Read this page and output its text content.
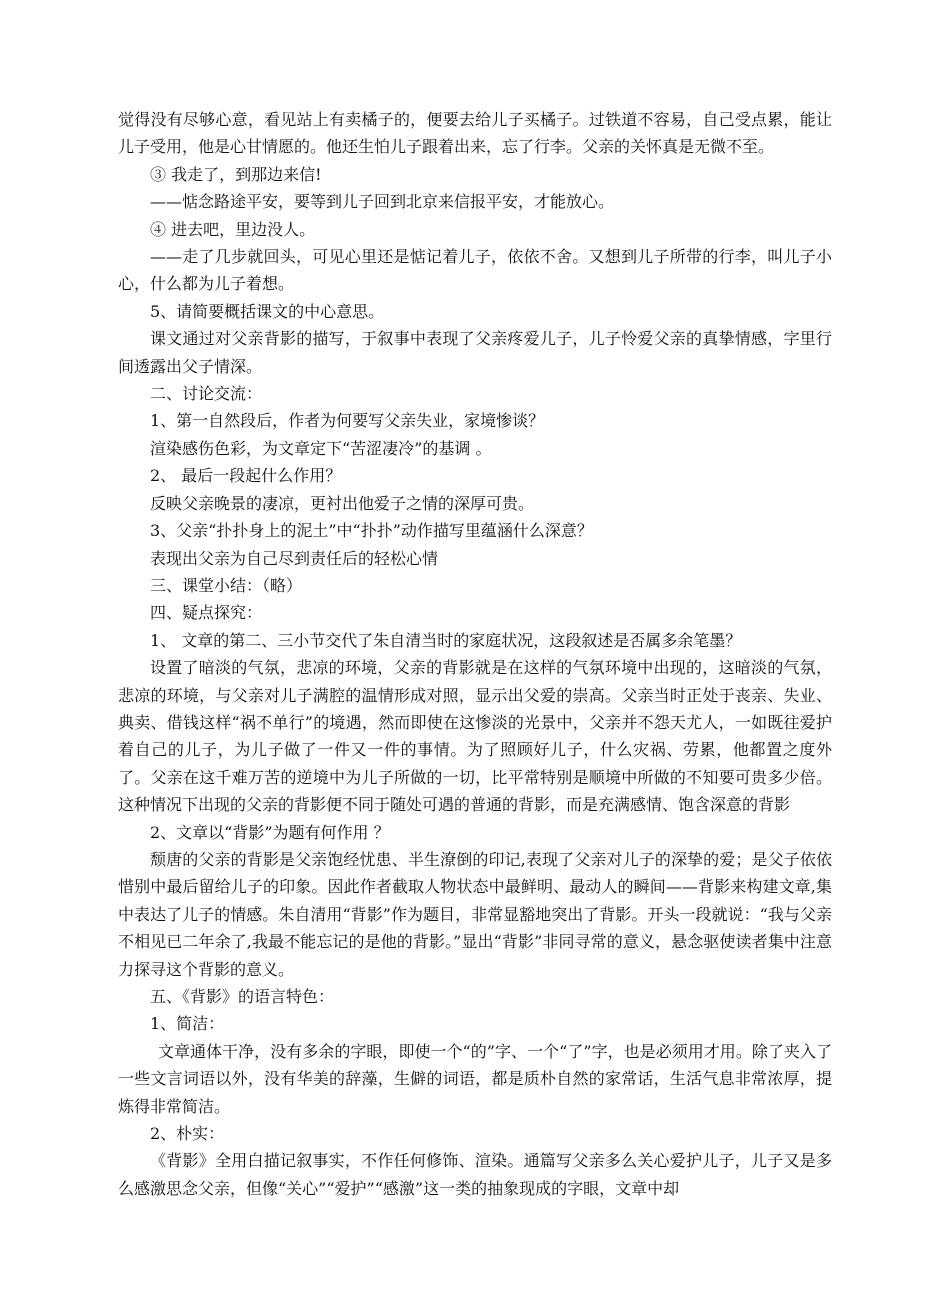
觉得没有尽够心意，看见站上有卖橘子的，便要去给儿子买橘子。过铁道不容易，自己受点累，能让儿子受用，他是心甘情愿的。他还生怕儿子跟着出来，忘了行李。父亲的关怀真是无微不至。

③ 我走了，到那边来信!

——惦念路途平安，要等到儿子回到北京来信报平安，才能放心。

④ 进去吧，里边没人。

——走了几步就回头，可见心里还是惦记着儿子，依依不舍。又想到儿子所带的行李，叫儿子小心，什么都为儿子着想。

5、请简要概括课文的中心意思。

课文通过对父亲背影的描写，于叙事中表现了父亲疼爱儿子，儿子怜爱父亲的真挚情感，字里行间透露出父子情深。

二、讨论交流：

1、第一自然段后，作者为何要写父亲失业，家境惨谈？

渲染感伤色彩，为文章定下“苦涩凄冷”的基调 。

2、 最后一段起什么作用？

反映父亲晚景的凄凉，更衬出他爱子之情的深厚可贵。

3、父亲“扑扑身上的泥土”中“扑扑”动作描写里蕴涵什么深意？

表现出父亲为自己尽到责任后的轻松心情

三、课堂小结：（略）

四、疑点探究：

1、 文章的第二、三小节交代了朱自清当时的家庭状况，这段叙述是否属多余笔墨？

设置了暗淡的气氛，悲凉的环境，父亲的背影就是在这样的气氛环境中出现的，这暗淡的气氛，悲凉的环境，与父亲对儿子满腔的温情形成对照，显示出父爱的崇高。父亲当时正处于丧亲、失业、典卖、借钱这样“祸不单行”的境遇，然而即使在这惨淡的光景中，父亲并不怨天尤人，一如既往爱护着自己的儿子，为儿子做了一件又一件的事情。为了照顾好儿子，什么灾祸、劳累，他都置之度外了。父亲在这千难万苦的逆境中为儿子所做的一切，比平常特别是顺境中所做的不知要可贵多少倍。这种情况下出现的父亲的背影便不同于随处可遇的普通的背影，而是充满感情、饱含深意的背影

2、文章以“背影”为题有何作用 ？

颓唐的父亲的背影是父亲饱经忧患、半生潦倒的印记,表现了父亲对儿子的深挚的爱；是父子依依惜别中最后留给儿子的印象。因此作者截取人物状态中最鲜明、最动人的瞬间——背影来构建文章,集中表达了儿子的情感。朱自清用“背影”作为题目，非常显豁地突出了背影。开头一段就说：“我与父亲不相见已二年余了,我最不能忘记的是他的背影。”显出“背影”非同寻常的意义，悬念驱使读者集中注意力探寻这个背影的意义。

五、《背影》的语言特色：

1、简洁：

文章通体干净，没有多余的字眼，即使一个“的”字、一个“了”字，也是必须用才用。除了夹入了一些文言词语以外，没有华美的辞藻，生僻的词语，都是质朴自然的家常话，生活气息非常浓厚，提炼得非常简洁。

2、朴实：

《背影》全用白描记叙事实，不作任何修饰、渲染。通篇写父亲多么关心爱护儿子，儿子又是多么感激思念父亲，但像“关心”“爱护”“感激”这一类的抽象现成的字眼，文章中却
